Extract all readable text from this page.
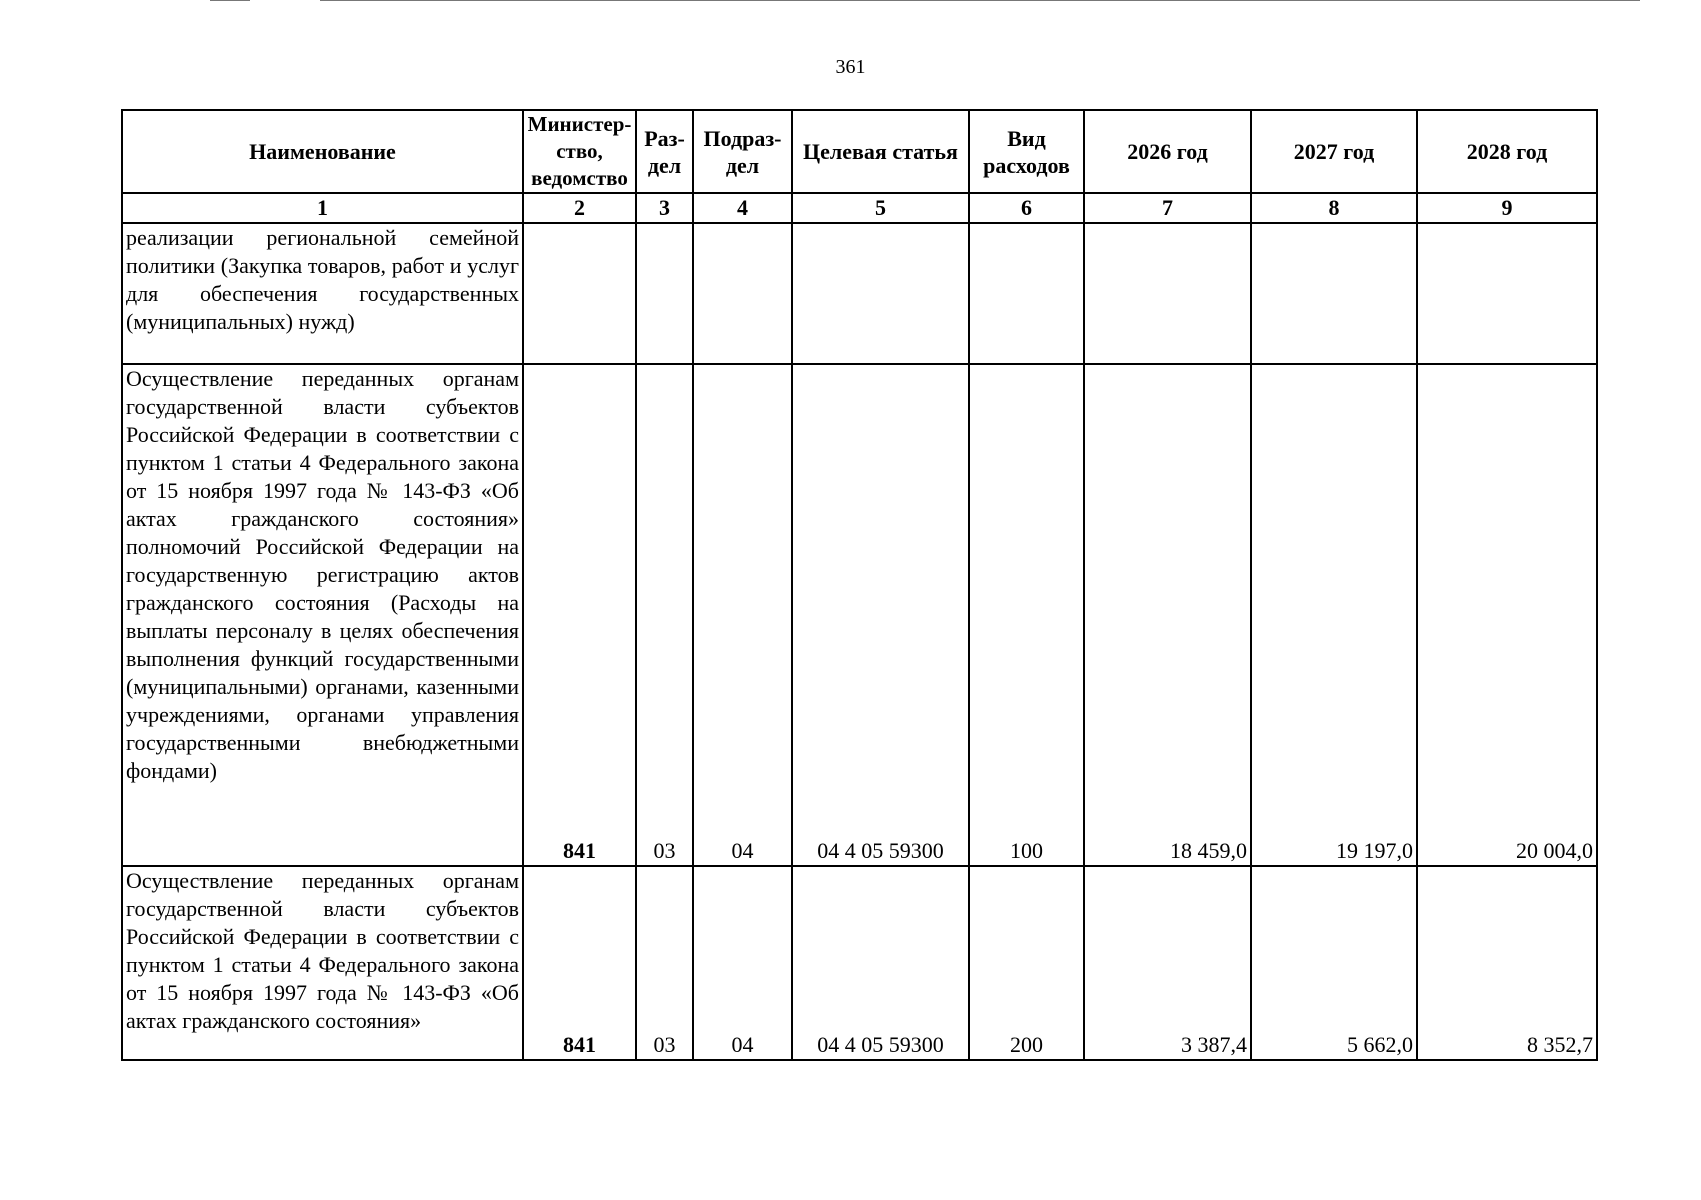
361
Наименование	Министер-ство, ведомство	Раз-дел	Подраз-дел	Целевая статья	Вид расходов	2026 год	2027 год	2028 год
1	2	3	4	5	6	7	8	9
реализации региональной семейной политики (Закупка товаров, работ и услуг для обеспечения государственных (муниципальных) нужд)								
Осуществление переданных органам государственной власти субъектов Российской Федерации в соответствии с пунктом 1 статьи 4 Федерального закона от 15 ноября 1997 года № 143-ФЗ «Об актах гражданского состояния» полномочий Российской Федерации на государственную регистрацию актов гражданского состояния (Расходы на выплаты персоналу в целях обеспечения выполнения функций государственными (муниципальными) органами, казенными учреждениями, органами управления государственными внебюджетными фондами)	841	03	04	04 4 05 59300	100	18 459,0	19 197,0	20 004,0
Осуществление переданных органам государственной власти субъектов Российской Федерации в соответствии с пунктом 1 статьи 4 Федерального закона от 15 ноября 1997 года № 143-ФЗ «Об актах гражданского состояния»	841	03	04	04 4 05 59300	200	3 387,4	5 662,0	8 352,7
